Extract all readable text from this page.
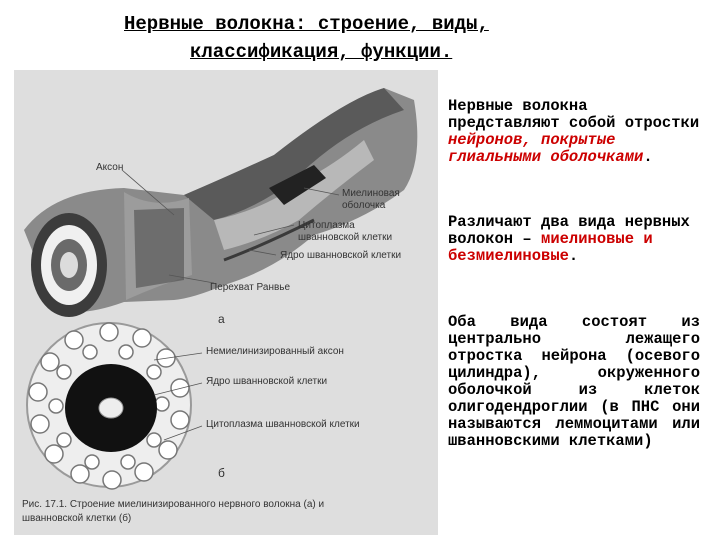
Нервные волокна: строение, виды,
классификация, функции.
Аксон
Миелиновая
оболочка
Цитоплазма
шванновской клетки
Ядро шванновской клетки
Перехват Ранвье
а
Немиелинизированный аксон
Ядро шванновской клетки
Цитоплазма шванновской клетки
б
Рис. 17.1. Строение миелинизированного нервного волокна (а) и
шванновской клетки (б)
Нервные волокна представляют собой отростки нейронов, покрытые глиальными оболочками.
Различают два вида нервных волокон – миелиновые и безмиелиновые.
Оба вида состоят из центрально лежащего отростка нейрона (осевого цилиндра), окруженного оболочкой из клеток олигодендроглии (в ПНС они называются леммоцитами или шванновскими клетками)
